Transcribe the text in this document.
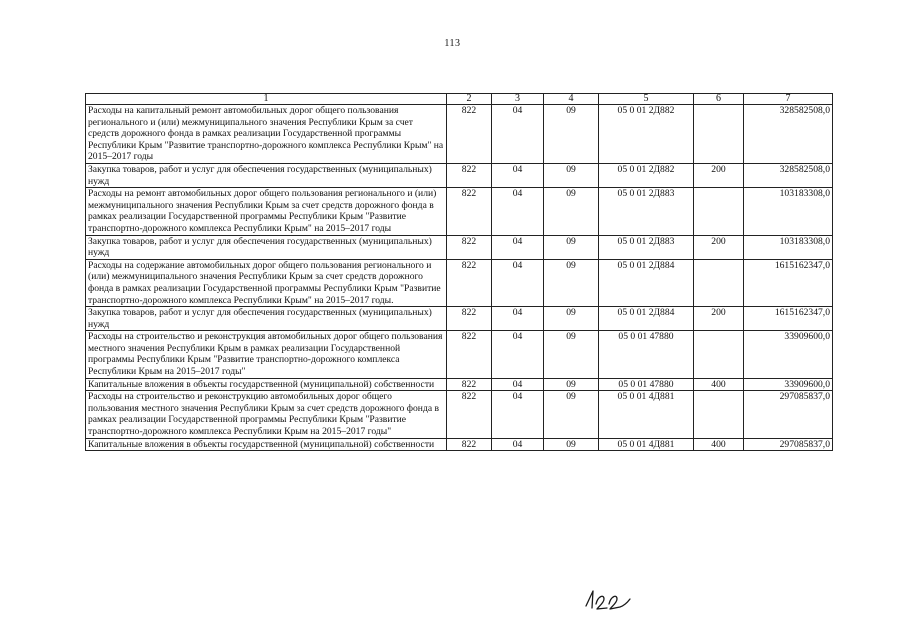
113
1	2	3	4	5	6	7
Расходы на капитальный ремонт автомобильных дорог общего пользования регионального и (или) межмуниципального значения Республики Крым за счет средств дорожного фонда в рамках реализации Государственной программы Республики Крым "Развитие транспортно-дорожного комплекса Республики Крым" на 2015–2017 годы	822	04	09	05 0 01 2Д882		328582508,0
Закупка товаров, работ и услуг для обеспечения государственных (муниципальных) нужд	822	04	09	05 0 01 2Д882	200	328582508,0
Расходы на ремонт автомобильных дорог общего пользования регионального и (или) межмуниципального значения Республики Крым за счет средств дорожного фонда в рамках реализации Государственной программы Республики Крым "Развитие транспортно-дорожного комплекса Республики Крым" на 2015–2017 годы	822	04	09	05 0 01 2Д883		103183308,0
Закупка товаров, работ и услуг для обеспечения государственных (муниципальных) нужд	822	04	09	05 0 01 2Д883	200	103183308,0
Расходы на содержание автомобильных дорог общего пользования регионального и (или) межмуниципального значения Республики Крым за счет средств дорожного фонда в рамках реализации Государственной программы Республики Крым "Развитие транспортно-дорожного комплекса Республики Крым" на 2015–2017 годы.	822	04	09	05 0 01 2Д884		1615162347,0
Закупка товаров, работ и услуг для обеспечения государственных (муниципальных) нужд	822	04	09	05 0 01 2Д884	200	1615162347,0
Расходы на строительство и реконструкция автомобильных дорог общего пользования местного значения Республики Крым в рамках реализации Государственной программы Республики Крым "Развитие транспортно-дорожного комплекса Республики Крым на 2015–2017 годы"	822	04	09	05 0 01 47880		33909600,0
Капитальные вложения в объекты государственной (муниципальной) собственности	822	04	09	05 0 01 47880	400	33909600,0
Расходы на строительство и реконструкцию автомобильных дорог общего пользования местного значения Республики Крым за счет средств дорожного фонда в рамках реализации Государственной программы Республики Крым "Развитие транспортно-дорожного комплекса Республики Крым на 2015–2017 годы"	822	04	09	05 0 01 4Д881		297085837,0
Капитальные вложения в объекты государственной (муниципальной) собственности	822	04	09	05 0 01 4Д881	400	297085837,0
